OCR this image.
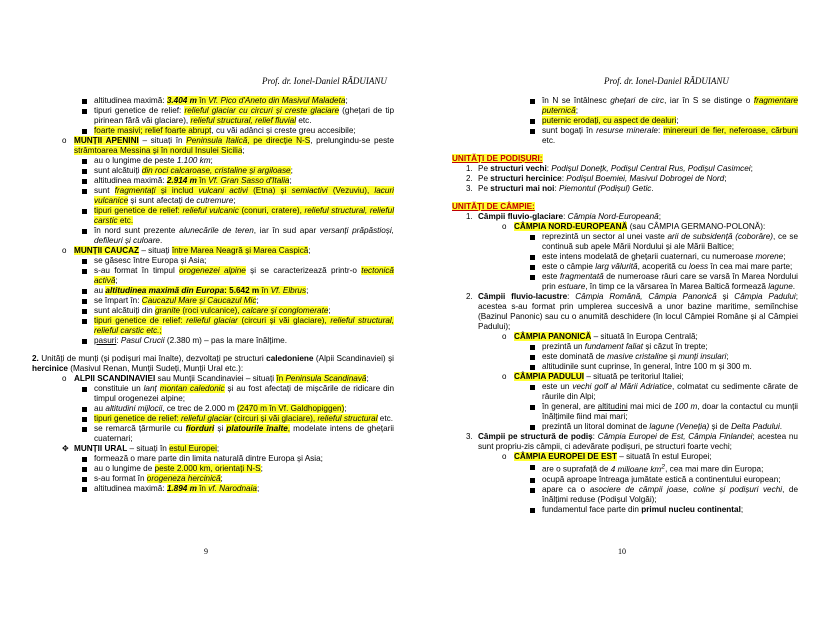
Prof. dr. Ionel-Daniel RĂDUIANU
altitudinea maximă: 3.404 m în Vf. Pico d'Aneto din Masivul Maladeta;
tipuri genetice de relief: relieful glaciar cu circuri și creste glaciare (ghețari de tip pirinean fără văi glaciare), relieful structural, relief fluvial etc.
foarte masivi; relief foarte abrupt, cu văi adânci și creste greu accesibile;
o MUNȚII APENINI – situați în Peninsula Italică, pe direcție N-S, prelungindu-se peste strâmtoarea Messina și în nordul Insulei Sicilia;
au o lungime de peste 1.100 km;
sunt alcătuiți din roci calcaroase, cristaline și argiloase;
altitudinea maximă: 2.914 m în Vf. Gran Sasso d'Italia;
sunt fragmentați și includ vulcani activi (Etna) și semiactivi (Vezuviu), lacuri vulcanice și sunt afectați de cutremure;
tipuri genetice de relief: relieful vulcanic (conuri, cratere), relieful structural, relieful carstic etc.
în nord sunt prezente alunecările de teren, iar în sud apar versanți prăpăstioși, defileuri și culoare.
o MUNȚII CAUCAZ – situați între Marea Neagră și Marea Caspică;
se găsesc între Europa și Asia;
s-au format în timpul orogenezei alpine și se caracterizează printr-o tectonică activă;
au altitudinea maximă din Europa: 5.642 m în Vf. Elbrus;
se împart în: Caucazul Mare și Caucazul Mic;
sunt alcătuiți din granite (roci vulcanice), calcare și conglomerate;
tipuri genetice de relief: relieful glaciar (circuri și văi glaciare), relieful structural, relieful carstic etc.;
pasuri: Pasul Crucii (2.380 m) – pas la mare înălțime.
2. Unități de munți (și podișuri mai înalte), dezvoltați pe structuri caledoniene (Alpii Scandinaviei) și hercinice (Masivul Renan, Munții Sudeți, Munții Ural etc.):
o ALPII SCANDINAVIEI sau Munții Scandinaviei – situați în Peninsula Scandinavă;
constituie un lanț montan caledonic și au fost afectați de mișcările de ridicare din timpul orogenezei alpine;
au altitudini mijlocii, ce trec de 2.000 m (2470 m în Vf. Galdhopiggen);
tipuri genetice de relief: relieful glaciar (circuri și văi glaciare), relieful structural etc.
se remarcă țărmurile cu fiorduri și platourile înalte, modelate intens de ghețarii cuaternari;
✥ MUNȚII URAL – situați în estul Europei;
formează o mare parte din limita naturală dintre Europa și Asia;
au o lungime de peste 2.000 km, orientați N-S;
s-au format în orogeneza hercinică;
altitudinea maximă: 1.894 m în vf. Narodnaia;
9
Prof. dr. Ionel-Daniel RĂDUIANU
în N se întâlnesc ghețari de circ, iar în S se distinge o fragmentare puternică;
puternic erodați, cu aspect de dealuri;
sunt bogați în resurse minerale: minereuri de fier, neferoase, cărbuni etc.
UNITĂȚI DE PODIȘURI:
1. Pe structuri vechi: Podișul Donețk, Podișul Central Rus, Podișul Casimcei;
2. Pe structuri hercinice: Podișul Boemiei, Masivul Dobrogei de Nord;
3. Pe structuri mai noi: Piemontul (Podișul) Getic.
UNITĂȚI DE CÂMPIE:
1. Câmpii fluvio-glaciare: Câmpia Nord-Europeană;
o CÂMPIA NORD-EUROPEANĂ (sau CÂMPIA GERMANO-POLONĂ):
reprezintă un sector al unei vaste arii de subsidență (coborâre), ce se continuă sub apele Mării Nordului și ale Mării Baltice;
este intens modelată de ghețarii cuaternari, cu numeroase morene;
este o câmpie larg vălurită, acoperită cu loess în cea mai mare parte;
este fragmentată de numeroase râuri care se varsă în Marea Nordului prin estuare, în timp ce la vărsarea în Marea Baltică formează lagune.
2. Câmpii fluvio-lacustre: Câmpia Română, Câmpia Panonică și Câmpia Padului; acestea s-au format prin umplerea succesivă a unor bazine maritime, semiînchise (Bazinul Panonic) sau cu o anumită deschidere (în locul Câmpiei Române și al Câmpiei Padului);
o CÂMPIA PANONICĂ – situată în Europa Centrală;
prezintă un fundament faliat și căzut în trepte;
este dominată de masive cristaline și munți insulari;
altitudinile sunt cuprinse, în general, între 100 m și 300 m.
o CÂMPIA PADULUI – situată pe teritoriul Italiei;
este un vechi golf al Mării Adriatice, colmatat cu sedimente cărate de râurile din Alpi;
în general, are altitudini mai mici de 100 m, doar la contactul cu munții înălțimile fiind mai mari;
prezintă un litoral dominat de lagune (Veneția) și de Delta Padului.
3. Câmpii pe structură de podiș: Câmpia Europei de Est, Câmpia Finlandei; acestea nu sunt propriu-zis câmpii, ci adevărate podișuri, pe structuri foarte vechi;
o CÂMPIA EUROPEI DE EST – situată în estul Europei;
are o suprafață de 4 milioane $km^2$, cea mai mare din Europa;
ocupă aproape întreaga jumătate estică a continentului european;
apare ca o asociere de câmpii joase, coline și podișuri vechi, de înălțimi reduse (Podișul Volgăi);
fundamentul face parte din primul nucleu continental;
10
